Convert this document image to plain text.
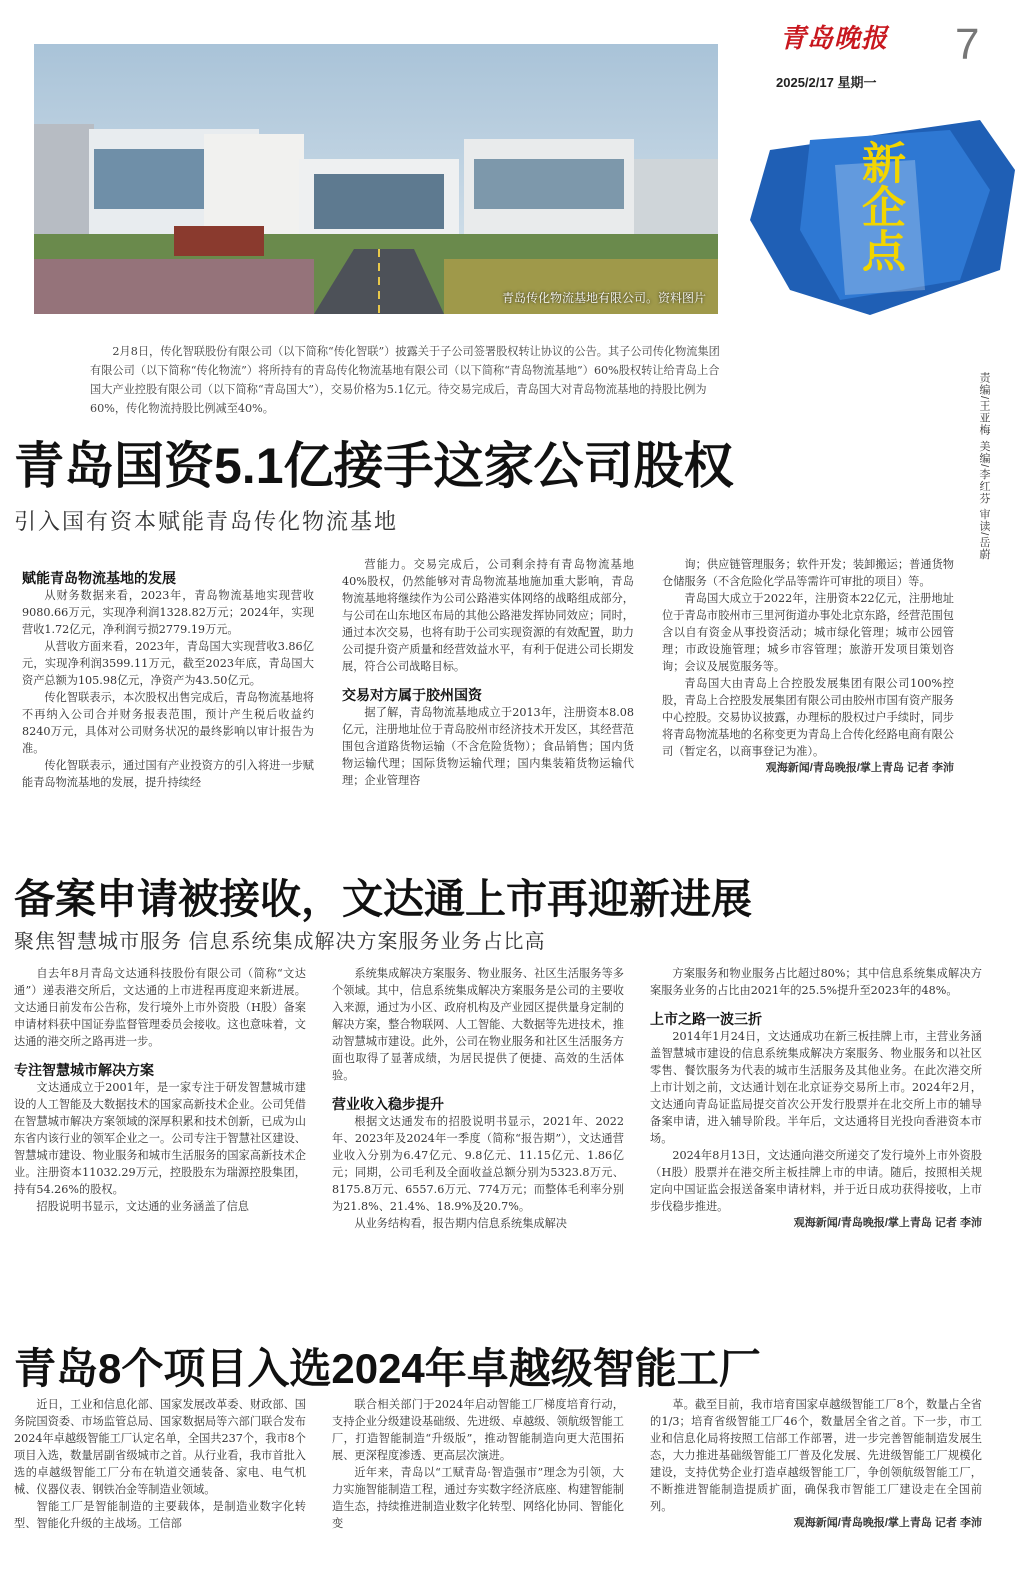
青岛晚报 7
2025/2/17 星期一
青岛传化物流基地有限公司。资料图片
新企点
责编/王亚梅 美编/李红芬 审读/岳蔚
2月8日，传化智联股份有限公司（以下简称“传化智联”）披露关于子公司签署股权转让协议的公告。其子公司传化物流集团有限公司（以下简称“传化物流”）将所持有的青岛传化物流基地有限公司（以下简称“青岛物流基地”）60%股权转让给青岛上合国大产业控股有限公司（以下简称“青岛国大”），交易价格为5.1亿元。待交易完成后，青岛国大对青岛物流基地的持股比例为60%，传化物流持股比例减至40%。
青岛国资5.1亿接手这家公司股权
引入国有资本赋能青岛传化物流基地

赋能青岛物流基地的发展

从财务数据来看，2023年，青岛物流基地实现营收9080.66万元，实现净利润1328.82万元；2024年，实现营收1.72亿元，净利润亏损2779.19万元。

从营收方面来看，2023年，青岛国大实现营收3.86亿元，实现净利润3599.11万元，截至2023年底，青岛国大资产总额为105.98亿元，净资产为43.50亿元。

传化智联表示，本次股权出售完成后，青岛物流基地将不再纳入公司合并财务报表范围，预计产生税后收益约8240万元，具体对公司财务状况的最终影响以审计报告为准。

传化智联表示，通过国有产业投资方的引入将进一步赋能青岛物流基地的发展，提升持续经

营能力。交易完成后，公司剩余持有青岛物流基地40%股权，仍然能够对青岛物流基地施加重大影响，青岛物流基地将继续作为公司公路港实体网络的战略组成部分，与公司在山东地区布局的其他公路港发挥协同效应；同时，通过本次交易，也将有助于公司实现资源的有效配置，助力公司提升资产质量和经营效益水平，有利于促进公司长期发展，符合公司战略目标。

交易对方属于胶州国资

据了解，青岛物流基地成立于2013年，注册资本8.08亿元，注册地址位于青岛胶州市经济技术开发区，其经营范围包含道路货物运输（不含危险货物）；食品销售；国内货物运输代理；国际货物运输代理；国内集装箱货物运输代理；企业管理咨

询；供应链管理服务；软件开发；装卸搬运；普通货物仓储服务（不含危险化学品等需许可审批的项目）等。

青岛国大成立于2022年，注册资本22亿元，注册地址位于青岛市胶州市三里河街道办事处北京东路，经营范围包含以自有资金从事投资活动；城市绿化管理；城市公园管理；市政设施管理；城乡市容管理；旅游开发项目策划咨询；会议及展览服务等。

青岛国大由青岛上合控股发展集团有限公司100%控股，青岛上合控股发展集团有限公司由胶州市国有资产服务中心控股。交易协议披露，办理标的股权过户手续时，同步将青岛物流基地的名称变更为青岛上合传化经路电商有限公司（暂定名，以商事登记为准）。

观海新闻/青岛晚报/掌上青岛 记者 李沛

备案申请被接收，文达通上市再迎新进展
聚焦智慧城市服务 信息系统集成解决方案服务业务占比高

自去年8月青岛文达通科技股份有限公司（简称“文达通”）递表港交所后，文达通的上市进程再度迎来新进展。文达通日前发布公告称，发行境外上市外资股（H股）备案申请材料获中国证券监督管理委员会接收。这也意味着，文达通的港交所之路再进一步。

专注智慧城市解决方案

文达通成立于2001年，是一家专注于研发智慧城市建设的人工智能及大数据技术的国家高新技术企业。公司凭借在智慧城市解决方案领域的深厚积累和技术创新，已成为山东省内该行业的领军企业之一。公司专注于智慧社区建设、智慧城市建设、物业服务和城市生活服务的国家高新技术企业。注册资本11032.29万元，控股股东为瑞源控股集团，持有54.26%的股权。

招股说明书显示，文达通的业务涵盖了信息

系统集成解决方案服务、物业服务、社区生活服务等多个领域。其中，信息系统集成解决方案服务是公司的主要收入来源，通过为小区、政府机构及产业园区提供量身定制的解决方案，整合物联网、人工智能、大数据等先进技术，推动智慧城市建设。此外，公司在物业服务和社区生活服务方面也取得了显著成绩，为居民提供了便捷、高效的生活体验。

营业收入稳步提升

根据文达通发布的招股说明书显示，2021年、2022年、2023年及2024年一季度（简称“报告期”），文达通营业收入分别为6.47亿元、9.8亿元、11.15亿元、1.86亿元；同期，公司毛利及全面收益总额分别为5323.8万元、8175.8万元、6557.6万元、774万元；而整体毛利率分别为21.8%、21.4%、18.9%及20.7%。

从业务结构看，报告期内信息系统集成解决

方案服务和物业服务占比超过80%；其中信息系统集成解决方案服务业务的占比由2021年的25.5%提升至2023年的48%。

上市之路一波三折

2014年1月24日，文达通成功在新三板挂牌上市，主营业务涵盖智慧城市建设的信息系统集成解决方案服务、物业服务和以社区零售、餐饮服务为代表的城市生活服务及其他业务。在此次港交所上市计划之前，文达通计划在北京证券交易所上市。2024年2月，文达通向青岛证监局提交首次公开发行股票并在北交所上市的辅导备案申请，进入辅导阶段。半年后，文达通将目光投向香港资本市场。

2024年8月13日，文达通向港交所递交了发行境外上市外资股（H股）股票并在港交所主板挂牌上市的申请。随后，按照相关规定向中国证监会报送备案申请材料，并于近日成功获得接收，上市步伐稳步推进。

观海新闻/青岛晚报/掌上青岛 记者 李沛

青岛8个项目入选2024年卓越级智能工厂

近日，工业和信息化部、国家发展改革委、财政部、国务院国资委、市场监管总局、国家数据局等六部门联合发布2024年卓越级智能工厂认定名单，全国共237个，我市8个项目入选，数量居副省级城市之首。从行业看，我市首批入选的卓越级智能工厂分布在轨道交通装备、家电、电气机械、仪器仪表、钢铁冶金等制造业领域。

智能工厂是智能制造的主要载体，是制造业数字化转型、智能化升级的主战场。工信部

联合相关部门于2024年启动智能工厂梯度培育行动，支持企业分级建设基础级、先进级、卓越级、领航级智能工厂，打造智能制造“升级版”，推动智能制造向更大范围拓展、更深程度渗透、更高层次演进。

近年来，青岛以“工赋青岛·智造强市”理念为引领，大力实施智能制造工程，通过夯实数字经济底座、构建智能制造生态，持续推进制造业数字化转型、网络化协同、智能化变

革。截至目前，我市培育国家卓越级智能工厂8个，数量占全省的1/3；培育省级智能工厂46个，数量居全省之首。下一步，市工业和信息化局将按照工信部工作部署，进一步完善智能制造发展生态，大力推进基础级智能工厂普及化发展、先进级智能工厂规模化建设，支持优势企业打造卓越级智能工厂，争创领航级智能工厂，不断推进智能制造提质扩面，确保我市智能工厂建设走在全国前列。

观海新闻/青岛晚报/掌上青岛 记者 李沛
